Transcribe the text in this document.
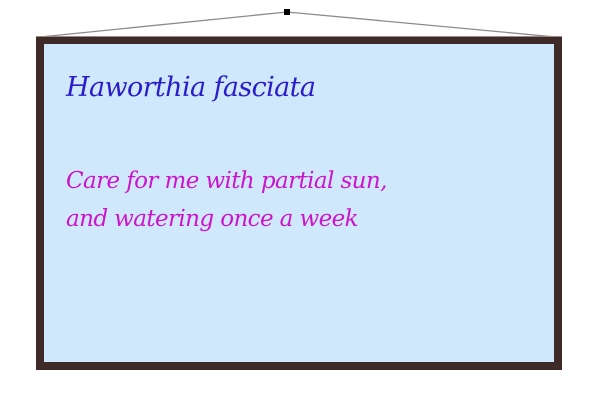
Haworthia fasciata

Care for me with partial sun,
and watering once a week
